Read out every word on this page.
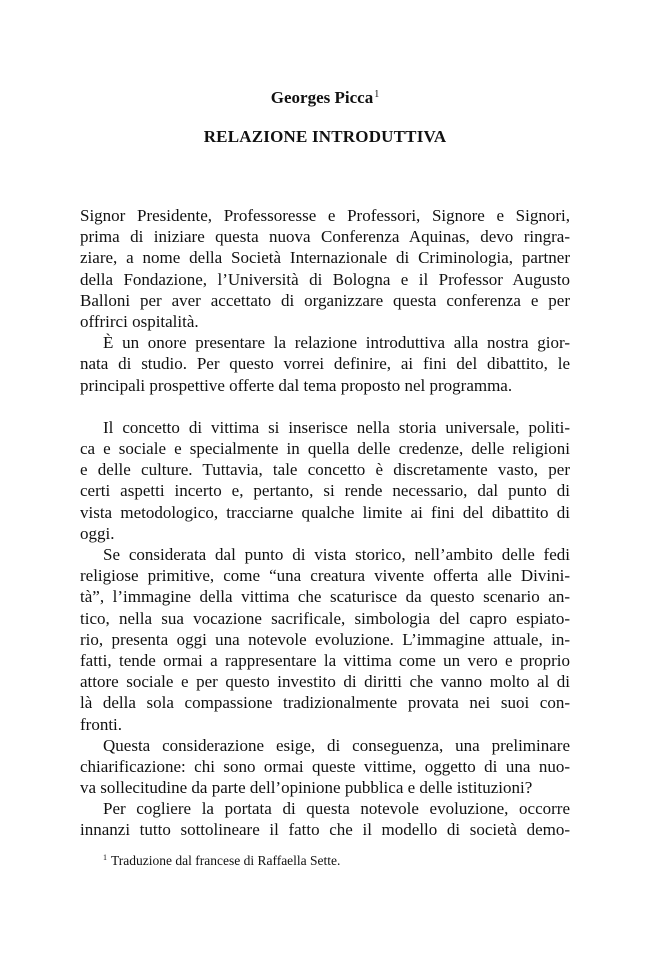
Georges Picca$^1$
RELAZIONE INTRODUTTIVA
Signor Presidente, Professoresse e Professori, Signore e Signori,
prima di iniziare questa nuova Conferenza Aquinas, devo ringra-
ziare, a nome della Società Internazionale di Criminologia, partner
della Fondazione, l’Università di Bologna e il Professor Augusto
Balloni per aver accettato di organizzare questa conferenza e per
offrirci ospitalità.
È un onore presentare la relazione introduttiva alla nostra gior-
nata di studio. Per questo vorrei definire, ai fini del dibattito, le
principali prospettive offerte dal tema proposto nel programma.
Il concetto di vittima si inserisce nella storia universale, politi-
ca e sociale e specialmente in quella delle credenze, delle religioni
e delle culture. Tuttavia, tale concetto è discretamente vasto, per
certi aspetti incerto e, pertanto, si rende necessario, dal punto di
vista metodologico, tracciarne qualche limite ai fini del dibattito di
oggi.
Se considerata dal punto di vista storico, nell’ambito delle fedi
religiose primitive, come “una creatura vivente offerta alle Divini-
tà”, l’immagine della vittima che scaturisce da questo scenario an-
tico, nella sua vocazione sacrificale, simbologia del capro espiato-
rio, presenta oggi una notevole evoluzione. L’immagine attuale, in-
fatti, tende ormai a rappresentare la vittima come un vero e proprio
attore sociale e per questo investito di diritti che vanno molto al di
là della sola compassione tradizionalmente provata nei suoi con-
fronti.
Questa considerazione esige, di conseguenza, una preliminare
chiarificazione: chi sono ormai queste vittime, oggetto di una nuo-
va sollecitudine da parte dell’opinione pubblica e delle istituzioni?
Per cogliere la portata di questa notevole evoluzione, occorre
innanzi tutto sottolineare il fatto che il modello di società demo-
$^1$ Traduzione dal francese di Raffaella Sette.
